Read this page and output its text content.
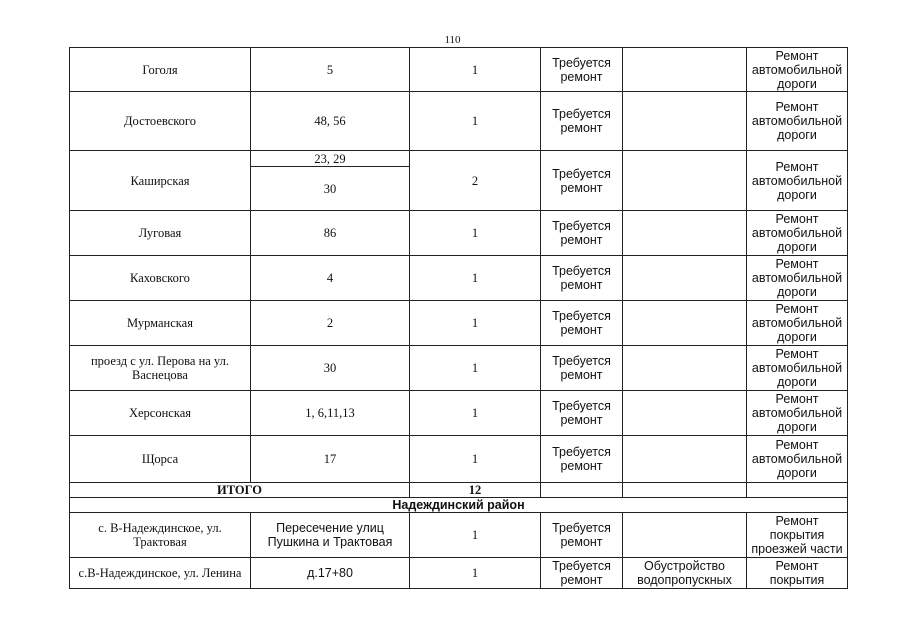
110
Гоголя	5	1	Требуется ремонт		Ремонт автомобильной дороги
Достоевского	48, 56	1	Требуется ремонт		Ремонт автомобильной дороги
Каширская	23, 29	2	Требуется ремонт		Ремонт автомобильной дороги
	30				
Луговая	86	1	Требуется ремонт		Ремонт автомобильной дороги
Каховского	4	1	Требуется ремонт		Ремонт автомобильной дороги
Мурманская	2	1	Требуется ремонт		Ремонт автомобильной дороги
проезд с ул. Перова на ул. Васнецова	30	1	Требуется ремонт		Ремонт автомобильной дороги
Херсонская	1, 6,11,13	1	Требуется ремонт		Ремонт автомобильной дороги
Щорса	17	1	Требуется ремонт		Ремонт автомобильной дороги
ИТОГО		12			
Надеждинский район					
с. В-Надеждинское, ул. Трактовая	Пересечение улиц Пушкина и Трактовая	1	Требуется ремонт		Ремонт покрытия проезжей части
с.В-Надеждинское, ул. Ленина	д.17+80	1	Требуется ремонт	Обустройство водопропускных	Ремонт покрытия
